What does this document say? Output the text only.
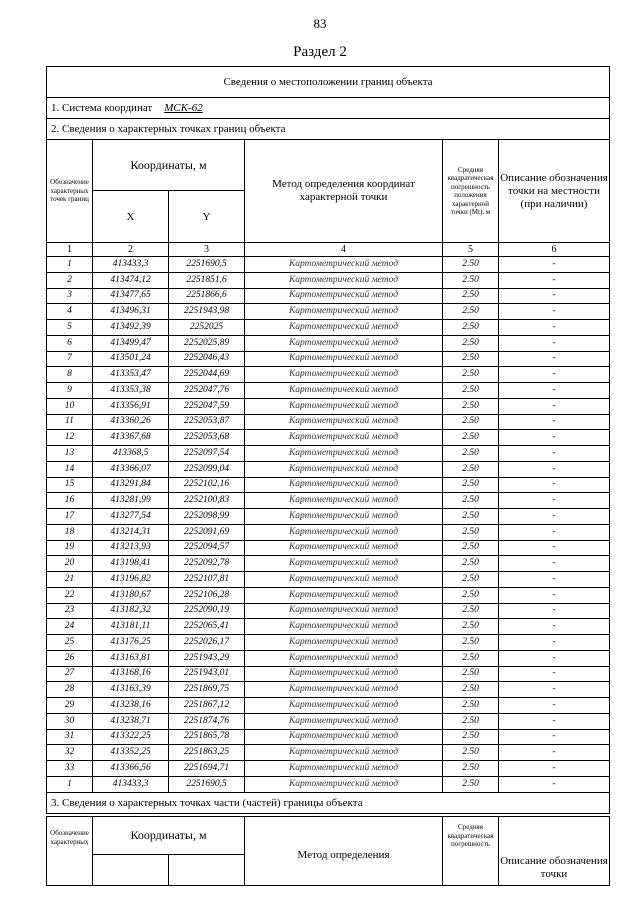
83
Раздел 2
Сведения о местоположении границ объекта					
1. Система координат МСК-62					
2. Сведения о характерных точках границ объекта					
Обозначение характерных точек границ	Координаты, м		Метод определения координат характерной точки	Средняя квадратическая погрешность положения характерной точки (Mt), м	Описание обозначения точки на местности (при наличии)
	X	Y			
1	2	3	4	5	6
1	413433,3	2251690,5	Картометрический метод	2.50	-
2	413474,12	2251851,6	Картометрический метод	2.50	-
3	413477,65	2251866,6	Картометрический метод	2.50	-
4	413496,31	2251943,98	Картометрический метод	2.50	-
5	413492,39	2252025	Картометрический метод	2.50	-
6	413499,47	2252025,89	Картометрический метод	2.50	-
7	413501,24	2252046,43	Картометрический метод	2.50	-
8	413353,47	2252044,69	Картометрический метод	2.50	-
9	413353,38	2252047,76	Картометрический метод	2.50	-
10	413356,91	2252047,59	Картометрический метод	2.50	-
11	413360,26	2252053,87	Картометрический метод	2.50	-
12	413367,68	2252053,68	Картометрический метод	2.50	-
13	413368,5	2252097,54	Картометрический метод	2.50	-
14	413366,07	2252099,04	Картометрический метод	2.50	-
15	413291,84	2252102,16	Картометрический метод	2.50	-
16	413281,99	2252100,83	Картометрический метод	2.50	-
17	413277,54	2252098,99	Картометрический метод	2.50	-
18	413214,31	2252091,69	Картометрический метод	2.50	-
19	413213,93	2252094,57	Картометрический метод	2.50	-
20	413198,41	2252092,78	Картометрический метод	2.50	-
21	413196,82	2252107,81	Картометрический метод	2.50	-
22	413180,67	2252106,28	Картометрический метод	2.50	-
23	413182,32	2252090,19	Картометрический метод	2.50	-
24	413181,11	2252065,41	Картометрический метод	2.50	-
25	413176,25	2252026,17	Картометрический метод	2.50	-
26	413163,81	2251943,29	Картометрический метод	2.50	-
27	413168,16	2251943,01	Картометрический метод	2.50	-
28	413163,39	2251869,75	Картометрический метод	2.50	-
29	413238,16	2251867,12	Картометрический метод	2.50	-
30	413238,71	2251874,76	Картометрический метод	2.50	-
31	413322,25	2251865,78	Картометрический метод	2.50	-
32	413352,25	2251863,25	Картометрический метод	2.50	-
33	413366,56	2251694,71	Картометрический метод	2.50	-
1	413433,3	2251690,5	Картометрический метод	2.50	-
3. Сведения о характерных точках части (частей) границы объекта					
Обозначение характерных	Координаты, м		Метод определения	Средняя квадратическая погрешность	Описание обозначения точки
